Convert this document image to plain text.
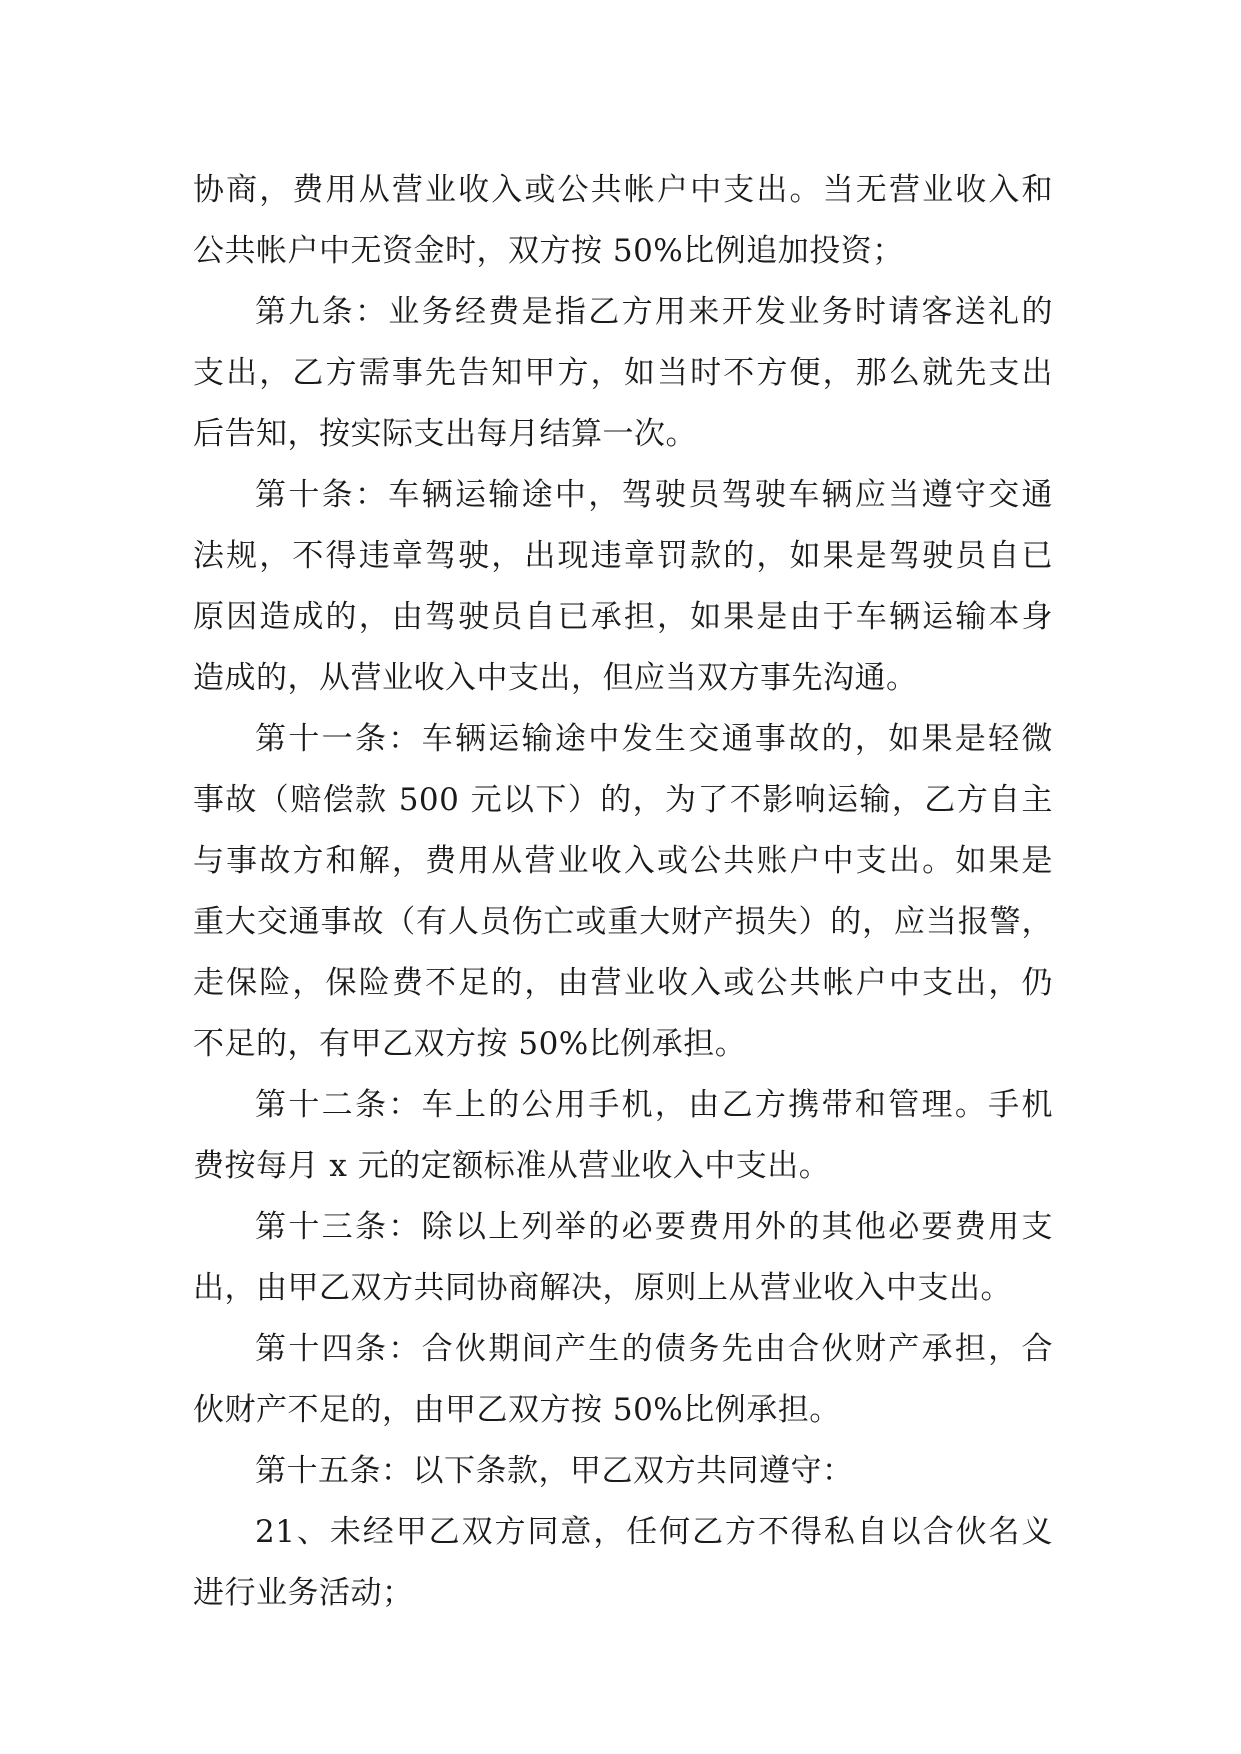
协商，费用从营业收入或公共帐户中支出。当无营业收入和
公共帐户中无资金时，双方按 50%比例追加投资；
第九条：业务经费是指乙方用来开发业务时请客送礼的
支出，乙方需事先告知甲方，如当时不方便，那么就先支出
后告知，按实际支出每月结算一次。
第十条：车辆运输途中，驾驶员驾驶车辆应当遵守交通
法规，不得违章驾驶，出现违章罚款的，如果是驾驶员自已
原因造成的，由驾驶员自已承担，如果是由于车辆运输本身
造成的，从营业收入中支出，但应当双方事先沟通。
第十一条：车辆运输途中发生交通事故的，如果是轻微
事故（赔偿款 500 元以下）的，为了不影响运输，乙方自主
与事故方和解，费用从营业收入或公共账户中支出。如果是
重大交通事故（有人员伤亡或重大财产损失）的，应当报警，
走保险，保险费不足的，由营业收入或公共帐户中支出，仍
不足的，有甲乙双方按 50%比例承担。
第十二条：车上的公用手机，由乙方携带和管理。手机
费按每月 x 元的定额标准从营业收入中支出。
第十三条：除以上列举的必要费用外的其他必要费用支
出，由甲乙双方共同协商解决，原则上从营业收入中支出。
第十四条：合伙期间产生的债务先由合伙财产承担，合
伙财产不足的，由甲乙双方按 50%比例承担。
第十五条：以下条款，甲乙双方共同遵守：
21、未经甲乙双方同意，任何乙方不得私自以合伙名义
进行业务活动；
